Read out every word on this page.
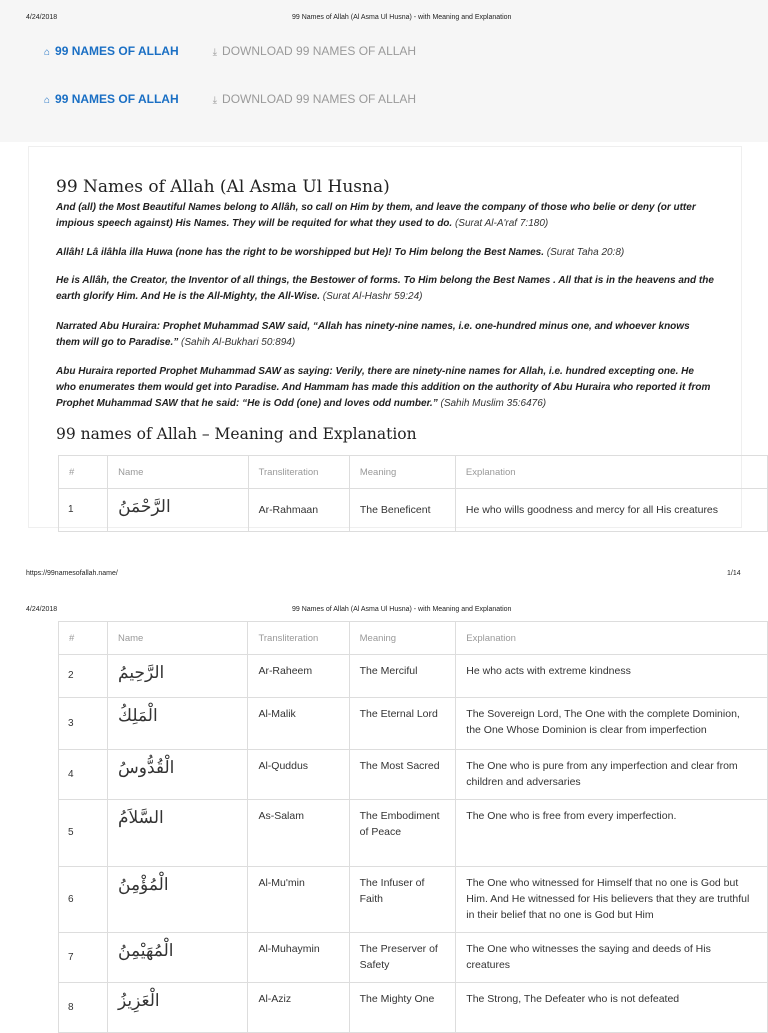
4/24/2018	99 Names of Allah (Al Asma Ul Husna) - with Meaning and Explanation
⌂ 99 NAMES OF ALLAH	⤓ DOWNLOAD 99 NAMES OF ALLAH
⌂ 99 NAMES OF ALLAH	⤓ DOWNLOAD 99 NAMES OF ALLAH
99 Names of Allah (Al Asma Ul Husna)
And (all) the Most Beautiful Names belong to Allâh, so call on Him by them, and leave the company of those who belie or deny (or utter impious speech against) His Names. They will be requited for what they used to do. (Surat Al-A'raf 7:180)
Allâh! Lâ ilâhla illa Huwa (none has the right to be worshipped but He)! To Him belong the Best Names. (Surat Taha 20:8)
He is Allâh, the Creator, the Inventor of all things, the Bestower of forms. To Him belong the Best Names . All that is in the heavens and the earth glorify Him. And He is the All-Mighty, the All-Wise. (Surat Al-Hashr 59:24)
Narrated Abu Huraira: Prophet Muhammad SAW said, “Allah has ninety-nine names, i.e. one-hundred minus one, and whoever knows them will go to Paradise.” (Sahih Al-Bukhari 50:894)
Abu Huraira reported Prophet Muhammad SAW as saying: Verily, there are ninety-nine names for Allah, i.e. hundred excepting one. He who enumerates them would get into Paradise. And Hammam has made this addition on the authority of Abu Huraira who reported it from Prophet Muhammad SAW that he said: “He is Odd (one) and loves odd number.” (Sahih Muslim 35:6476)
99 names of Allah – Meaning and Explanation
#	Name	Transliteration	Meaning	Explanation
1	الرَّحْمَنُ	Ar-Rahmaan	The Beneficent	He who wills goodness and mercy for all His creatures
https://99namesofallah.name/	1/14
4/24/2018	99 Names of Allah (Al Asma Ul Husna) - with Meaning and Explanation
#	Name	Transliteration	Meaning	Explanation
2	الرَّحِيمُ	Ar-Raheem	The Merciful	He who acts with extreme kindness
3	الْمَلِكُ	Al-Malik	The Eternal Lord	The Sovereign Lord, The One with the complete Dominion, the One Whose Dominion is clear from imperfection
4	الْقُدُّوسُ	Al-Quddus	The Most Sacred	The One who is pure from any imperfection and clear from children and adversaries
5	السَّلاَمُ	As-Salam	The Embodiment of Peace	The One who is free from every imperfection.
6	الْمُؤْمِنُ	Al-Mu'min	The Infuser of Faith	The One who witnessed for Himself that no one is God but Him. And He witnessed for His believers that they are truthful in their belief that no one is God but Him
7	الْمُهَيْمِنُ	Al-Muhaymin	The Preserver of Safety	The One who witnesses the saying and deeds of His creatures
8	الْعَزِيزُ	Al-Aziz	The Mighty One	The Strong, The Defeater who is not defeated
